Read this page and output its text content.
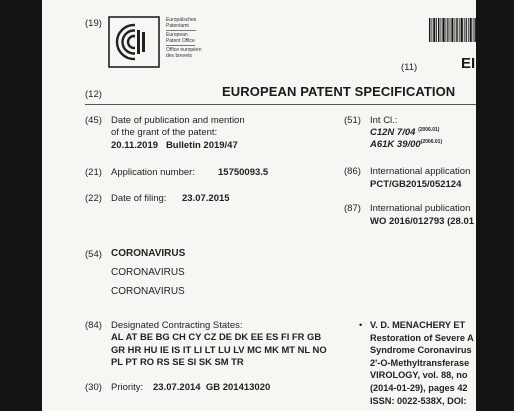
(19)	Europäisches
Patentamt
European
Patent Office
Office européen
des brevets
(11)	EI
(12)	EUROPEAN PATENT SPECIFICATION
(45) Date of publication and mention
of the grant of the patent:
20.11.2019   Bulletin 2019/47
(51) Int Cl.:
C12N 7/04 $^{(2006.01)}$
A61K $39/00^{(2006.01)}$
(21) Application number: 15750093.5	(86) International application
PCT/GB2015/052124
(22) Date of filing: 23.07.2015
(87) International publication
WO 2016/012793 (28.01
(54) CORONAVIRUS
CORONAVIRUS
CORONAVIRUS
(84) Designated Contracting States:
AL AT BE BG CH CY CZ DE DK EE ES FI FR GB
GR HR HU IE IS IT LI LT LU LV MC MK MT NL NO
PL PT RO RS SE SI SK SM TR
(30) Priority: 23.07.2014  GB 201413020
• V. D. MENACHERY ET
Restoration of Severe A
Syndrome Coronavirus
2'-O-Methyltransferase
VIROLOGY, vol. 88, no
(2014-01-29), pages 42
ISSN: 0022-538X, DOI:
